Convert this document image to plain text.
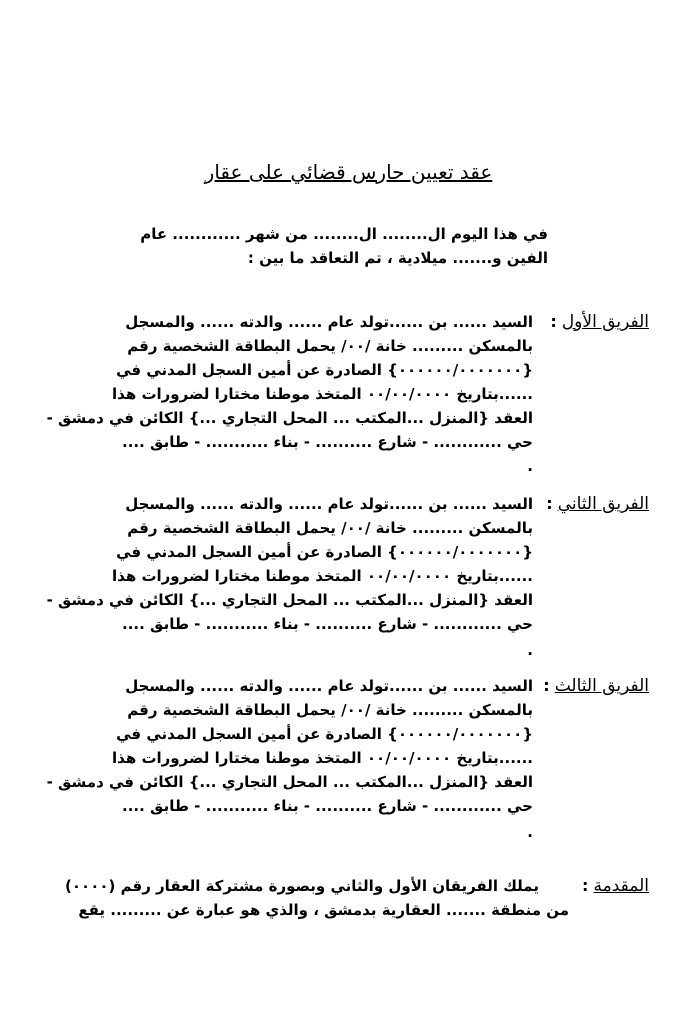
عقد تعيين حارس قضائي على عقار
في هذا اليوم ال........ ال........ من شهر ............ عام
الفين و....... ميلادية ، تم التعاقد ما بين :
الفريق الأول :
السيد ...... بن ......تولد عام ...... والدته ...... والمسجل
بالمسكن ......... خانة /٠٠/ يحمل البطاقة الشخصية رقم
{٠٠٠٠٠٠/٠٠٠٠٠٠٠} الصادرة عن أمين السجل المدني في
......بتاريخ ٠٠/٠٠/٠٠٠٠ المتخذ موطنا مختارا لضرورات هذا
العقد {المنزل ...المكتب ... المحل التجاري ...} الكائن في دمشق -
حي ............ - شارع .......... - بناء ........... - طابق ....
.
الفريق الثاني :
السيد ...... بن ......تولد عام ...... والدته ...... والمسجل
بالمسكن ......... خانة /٠٠/ يحمل البطاقة الشخصية رقم
{٠٠٠٠٠٠/٠٠٠٠٠٠٠} الصادرة عن أمين السجل المدني في
......بتاريخ ٠٠/٠٠/٠٠٠٠ المتخذ موطنا مختارا لضرورات هذا
العقد {المنزل ...المكتب ... المحل التجاري ...} الكائن في دمشق -
حي ............ - شارع .......... - بناء ........... - طابق ....
.
الفريق الثالث :
السيد ...... بن ......تولد عام ...... والدته ...... والمسجل
بالمسكن ......... خانة /٠٠/ يحمل البطاقة الشخصية رقم
{٠٠٠٠٠٠/٠٠٠٠٠٠٠} الصادرة عن أمين السجل المدني في
......بتاريخ ٠٠/٠٠/٠٠٠٠ المتخذ موطنا مختارا لضرورات هذا
العقد {المنزل ...المكتب ... المحل التجاري ...} الكائن في دمشق -
حي ............ - شارع .......... - بناء ........... - طابق ....
.
المقدمة :
يملك الفريقان الأول والثاني وبصورة مشتركة العقار رقم (٠٠٠٠)
من منطقة ....... العقارية بدمشق ، والذي هو عبارة عن ......... يقع
